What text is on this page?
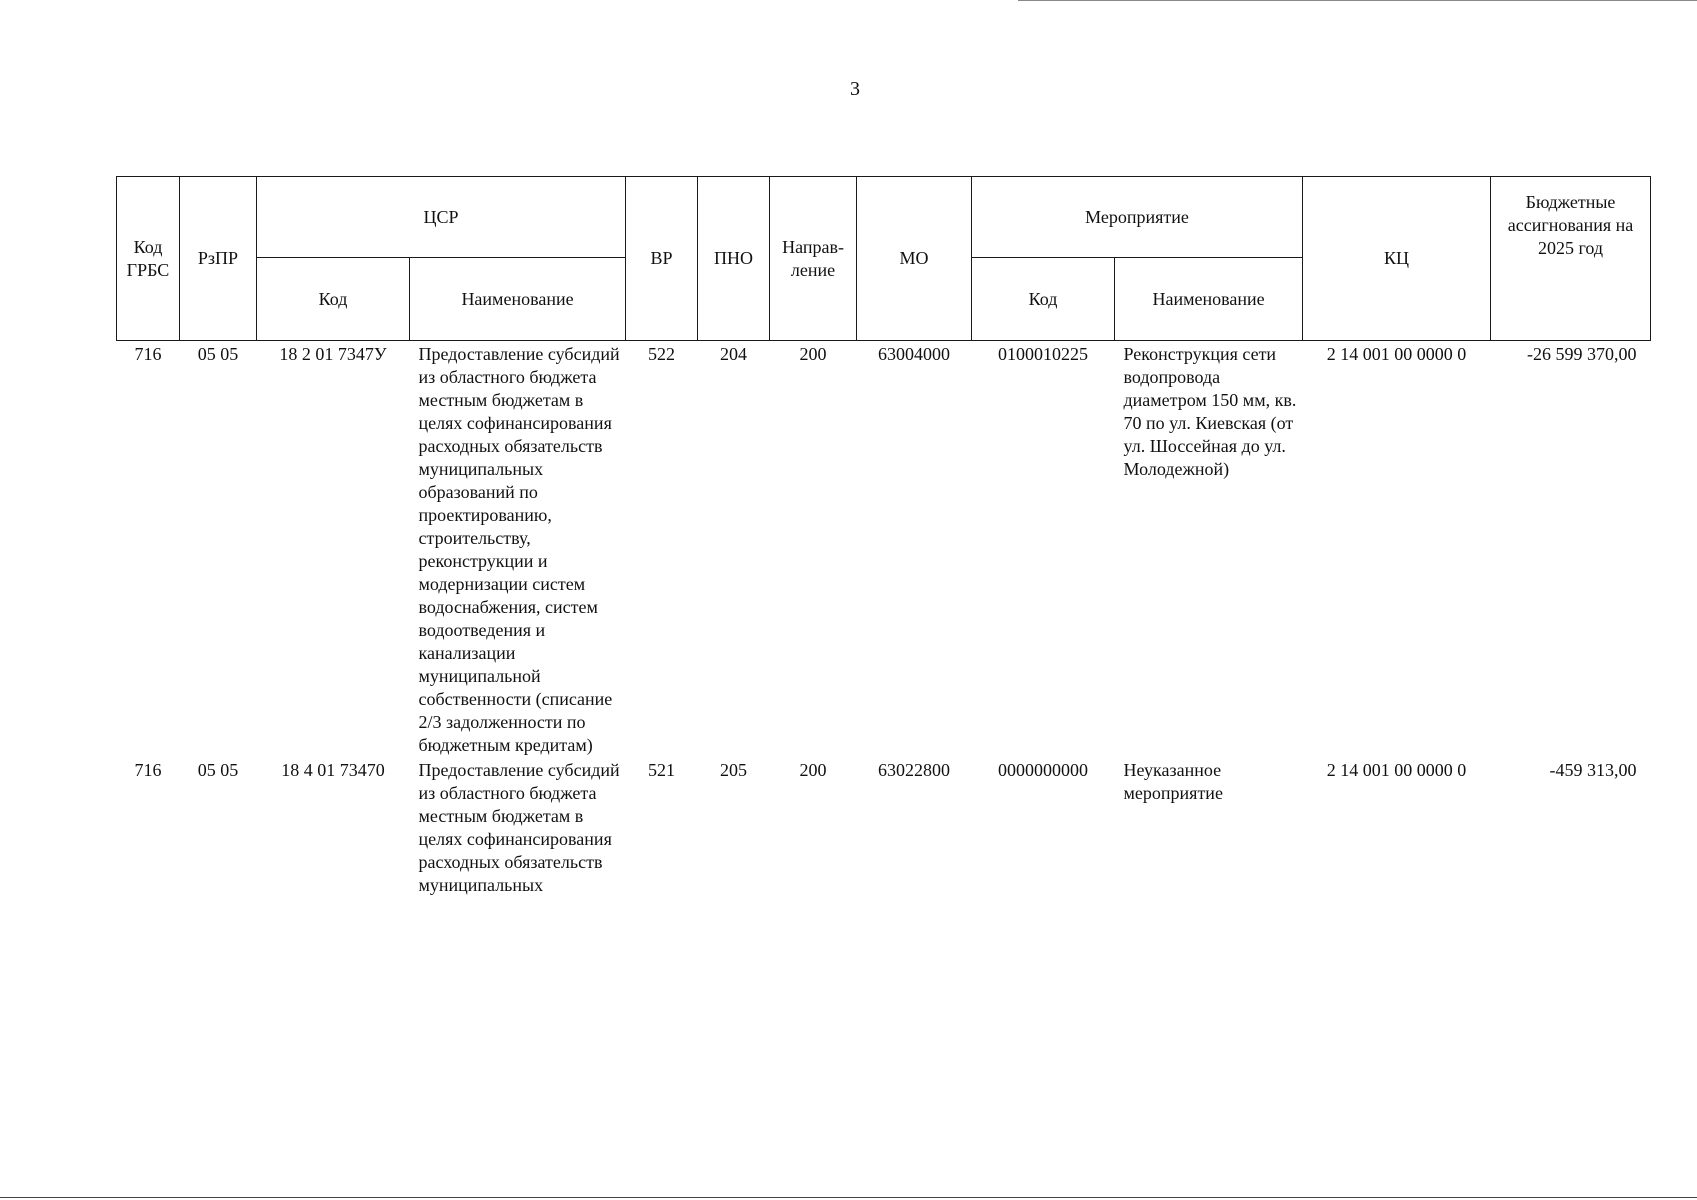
3
Код ГРБС	РзПР	ЦСР		ВР	ПНО	Направ-ление	МО	Мероприятие		КЦ	Бюджетные ассигнования на 2025 год
		Код	Наименование					Код	Наименование		
716	05 05	18 2 01 7347У	Предоставление субсидий из областного бюджета местным бюджетам в целях софинансирования расходных обязательств муниципальных образований по проектированию, строительству, реконструкции и модернизации систем водоснабжения, систем водоотведения и канализации муниципальной собственности (списание 2/3 задолженности по бюджетным кредитам)	522	204	200	63004000	0100010225	Реконструкция сети водопровода диаметром 150 мм, кв. 70 по ул. Киевская (от ул. Шоссейная до ул. Молодежной)	2 14 001 00 0000 0	-26 599 370,00
716	05 05	18 4 01 73470	Предоставление субсидий из областного бюджета местным бюджетам в целях софинансирования расходных обязательств муниципальных	521	205	200	63022800	0000000000	Неуказанное мероприятие	2 14 001 00 0000 0	-459 313,00
